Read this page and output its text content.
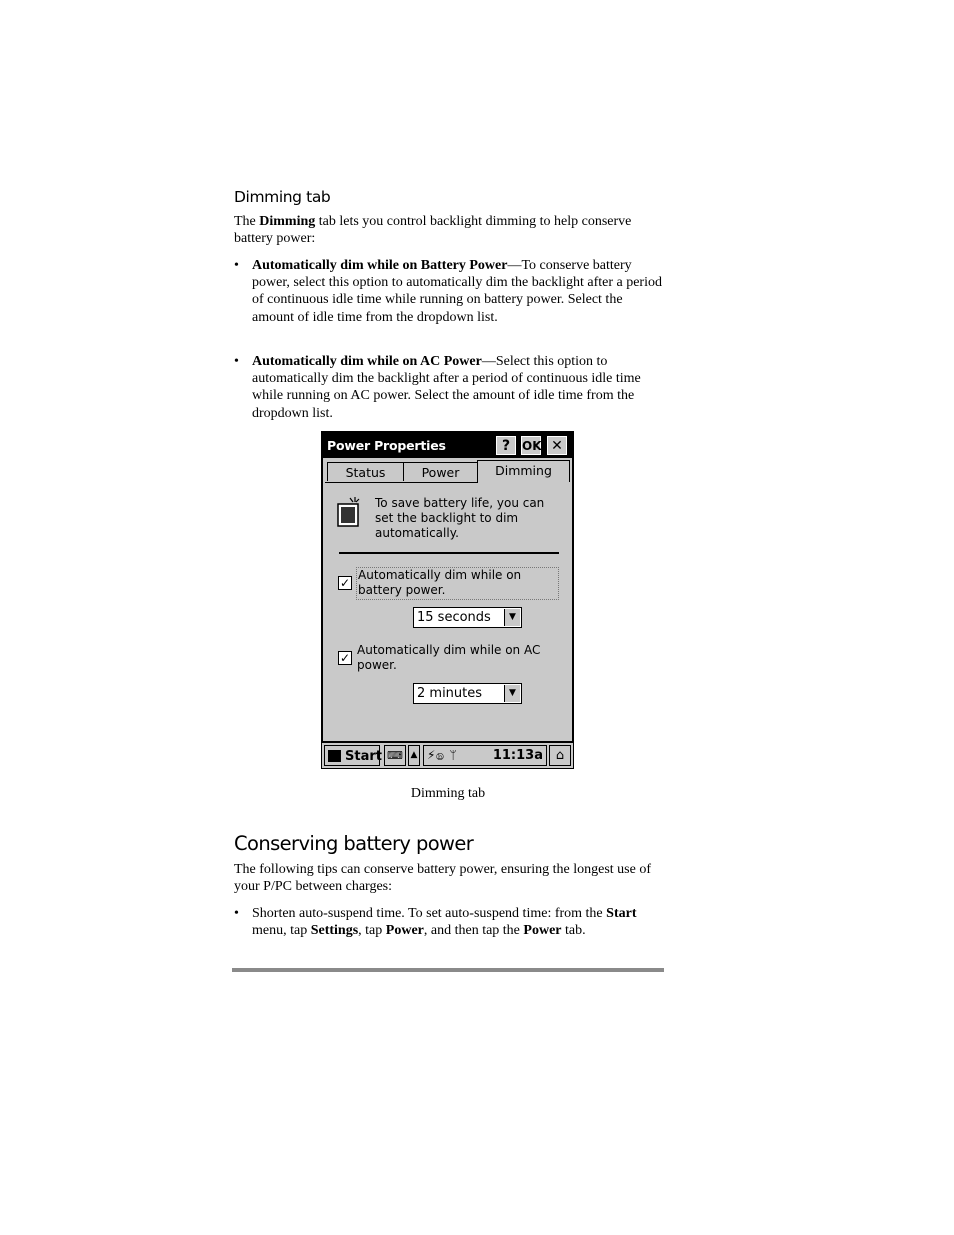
Dimming tab

The Dimming tab lets you control backlight dimming to help conserve battery power:

• Automatically dim while on Battery Power—To conserve battery power, select this option to automatically dim the backlight after a period of continuous idle time while running on battery power. Select the amount of idle time from the dropdown list.
• Automatically dim while on AC Power—Select this option to automatically dim the backlight after a period of continuous idle time while running on AC power. Select the amount of idle time from the dropdown list.
Power Properties	? OK ✕
Status	Power	Dimming
To save battery life, you can set the backlight to dim automatically.
✓
Automatically dim while on battery power.
15 seconds	▼
✓
Automatically dim while on AC power.
2 minutes	▼
Start ⌨ ▲ ⚡ⓑ ᛘ	11:13a ⌂
Dimming tab
Conserving battery power

The following tips can conserve battery power, ensuring the longest use of your P/PC between charges:

• Shorten auto-suspend time. To set auto-suspend time: from the Start menu, tap Settings, tap Power, and then tap the Power tab.
